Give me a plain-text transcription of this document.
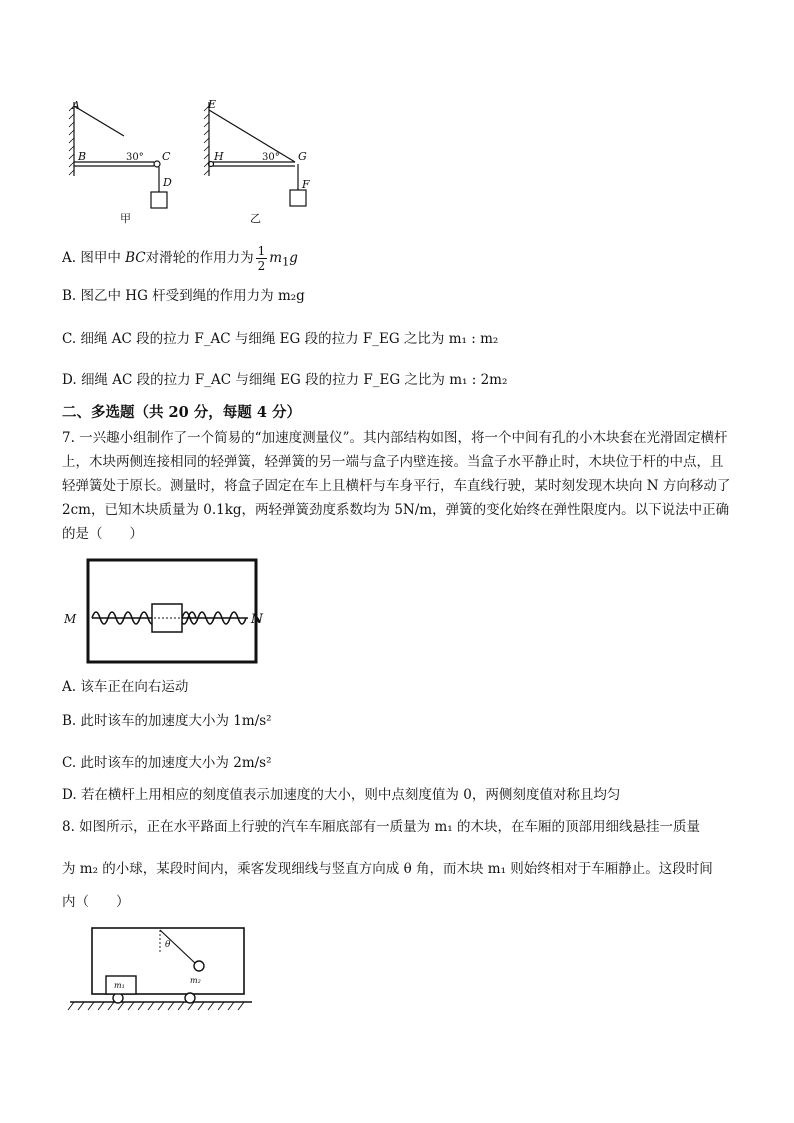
A
B	C
D
30°
甲
E
H	G
F
30°
乙
A. 图甲中 BC对滑轮的作用力为 $\frac{1}{2} m_1g$
B. 图乙中 HG 杆受到绳的作用力为 m₂g
C. 细绳 AC 段的拉力 F_AC 与细绳 EG 段的拉力 F_EG 之比为 m₁ : m₂
D. 细绳 AC 段的拉力 F_AC 与细绳 EG 段的拉力 F_EG 之比为 m₁ : 2m₂
二、多选题（共 20 分，每题 4 分）
7. 一兴趣小组制作了一个简易的“加速度测量仪”。其内部结构如图，将一个中间有孔的小木块套在光滑固定横杆上，木块两侧连接相同的轻弹簧，轻弹簧的另一端与盒子内壁连接。当盒子水平静止时，木块位于杆的中点，且轻弹簧处于原长。测量时，将盒子固定在车上且横杆与车身平行，车直线行驶，某时刻发现木块向 N 方向移动了 2cm，已知木块质量为 0.1kg，两轻弹簧劲度系数均为 5N/m，弹簧的变化始终在弹性限度内。以下说法中正确的是（　　）
M	N
A. 该车正在向右运动
B. 此时该车的加速度大小为 1m/s²
C. 此时该车的加速度大小为 2m/s²
D. 若在横杆上用相应的刻度值表示加速度的大小，则中点刻度值为 0，两侧刻度值对称且均匀
8. 如图所示，正在水平路面上行驶的汽车车厢底部有一质量为 m₁ 的木块，在车厢的顶部用细线悬挂一质量
为 m₂ 的小球，某段时间内，乘客发现细线与竖直方向成 θ 角，而木块 m₁ 则始终相对于车厢静止。这段时间
内（　　）
m₁
m₂
θ
